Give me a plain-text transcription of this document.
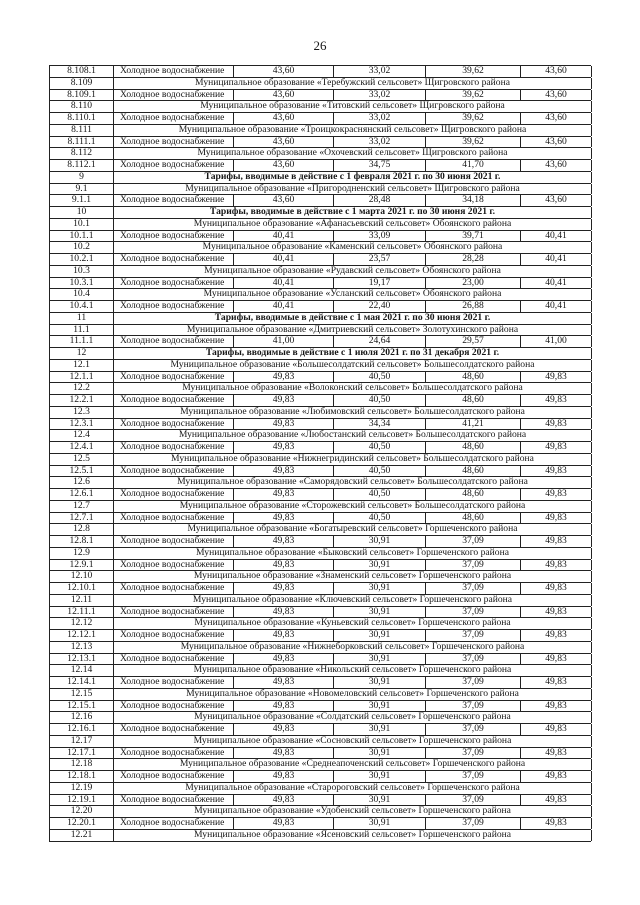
26
8.108.1	Холодное водоснабжение	43,60	33,02	39,62	43,60
8.109	Муниципальное образование «Теребужский сельсовет» Щигровского района
8.109.1	Холодное водоснабжение	43,60	33,02	39,62	43,60
8.110	Муниципальное образование «Титовский сельсовет» Щигровского района
8.110.1	Холодное водоснабжение	43,60	33,02	39,62	43,60
8.111	Муниципальное образование «Троицкокраснянский сельсовет» Щигровского района
8.111.1	Холодное водоснабжение	43,60	33,02	39,62	43,60
8.112	Муниципальное образование «Охочевский сельсовет» Щигровского района
8.112.1	Холодное водоснабжение	43,60	34,75	41,70	43,60
9	Тарифы, вводимые в действие с 1 февраля 2021 г. по 30 июня 2021 г.
9.1	Муниципальное образование «Пригородненский сельсовет» Щигровского района
9.1.1	Холодное водоснабжение	43,60	28,48	34,18	43,60
10	Тарифы, вводимые в действие с 1 марта 2021 г. по 30 июня 2021 г.
10.1	Муниципальное образование «Афанасьевский сельсовет» Обоянского района
10.1.1	Холодное водоснабжение	40,41	33,09	39,71	40,41
10.2	Муниципальное образование «Каменский сельсовет» Обоянского района
10.2.1	Холодное водоснабжение	40,41	23,57	28,28	40,41
10.3	Муниципальное образование «Рудавский сельсовет» Обоянского района
10.3.1	Холодное водоснабжение	40,41	19,17	23,00	40,41
10.4	Муниципальное образование «Усланский сельсовет» Обоянского района
10.4.1	Холодное водоснабжение	40,41	22,40	26,88	40,41
11	Тарифы, вводимые в действие с 1 мая 2021 г. по 30 июня 2021 г.
11.1	Муниципальное образование «Дмитриевский сельсовет» Золотухинского района
11.1.1	Холодное водоснабжение	41,00	24,64	29,57	41,00
12	Тарифы, вводимые в действие с 1 июля 2021 г. по 31 декабря 2021 г.
12.1	Муниципальное образование «Большесолдатский сельсовет» Большесолдатского района
12.1.1	Холодное водоснабжение	49,83	40,50	48,60	49,83
12.2	Муниципальное образование «Волоконский сельсовет» Большесолдатского района
12.2.1	Холодное водоснабжение	49,83	40,50	48,60	49,83
12.3	Муниципальное образование «Любимовский сельсовет» Большесолдатского района
12.3.1	Холодное водоснабжение	49,83	34,34	41,21	49,83
12.4	Муниципальное образование «Любостанский сельсовет» Большесолдатского района
12.4.1	Холодное водоснабжение	49,83	40,50	48,60	49,83
12.5	Муниципальное образование «Нижнегридинский сельсовет» Большесолдатского района
12.5.1	Холодное водоснабжение	49,83	40,50	48,60	49,83
12.6	Муниципальное образование «Саморядовский сельсовет» Большесолдатского района
12.6.1	Холодное водоснабжение	49,83	40,50	48,60	49,83
12.7	Муниципальное образование «Сторожевский сельсовет» Большесолдатского района
12.7.1	Холодное водоснабжение	49,83	40,50	48,60	49,83
12.8	Муниципальное образование «Богатыревский сельсовет» Горшеченского района
12.8.1	Холодное водоснабжение	49,83	30,91	37,09	49,83
12.9	Муниципальное образование «Быковский сельсовет» Горшеченского района
12.9.1	Холодное водоснабжение	49,83	30,91	37,09	49,83
12.10	Муниципальное образование «Знаменский сельсовет» Горшеченского района
12.10.1	Холодное водоснабжение	49,83	30,91	37,09	49,83
12.11	Муниципальное образование «Ключевский сельсовет» Горшеченского района
12.11.1	Холодное водоснабжение	49,83	30,91	37,09	49,83
12.12	Муниципальное образование «Куньевский сельсовет» Горшеченского района
12.12.1	Холодное водоснабжение	49,83	30,91	37,09	49,83
12.13	Муниципальное образование «Нижнеборковский сельсовет» Горшеченского района
12.13.1	Холодное водоснабжение	49,83	30,91	37,09	49,83
12.14	Муниципальное образование «Никольский сельсовет» Горшеченского района
12.14.1	Холодное водоснабжение	49,83	30,91	37,09	49,83
12.15	Муниципальное образование «Новомеловский сельсовет» Горшеченского района
12.15.1	Холодное водоснабжение	49,83	30,91	37,09	49,83
12.16	Муниципальное образование «Солдатский сельсовет» Горшеченского района
12.16.1	Холодное водоснабжение	49,83	30,91	37,09	49,83
12.17	Муниципальное образование «Сосновский сельсовет» Горшеченского района
12.17.1	Холодное водоснабжение	49,83	30,91	37,09	49,83
12.18	Муниципальное образование «Среднеапоченский сельсовет» Горшеченского района
12.18.1	Холодное водоснабжение	49,83	30,91	37,09	49,83
12.19	Муниципальное образование «Старороговский сельсовет» Горшеченского района
12.19.1	Холодное водоснабжение	49,83	30,91	37,09	49,83
12.20	Муниципальное образование «Удобенский сельсовет» Горшеченского района
12.20.1	Холодное водоснабжение	49,83	30,91	37,09	49,83
12.21	Муниципальное образование «Ясеновский сельсовет» Горшеченского района
